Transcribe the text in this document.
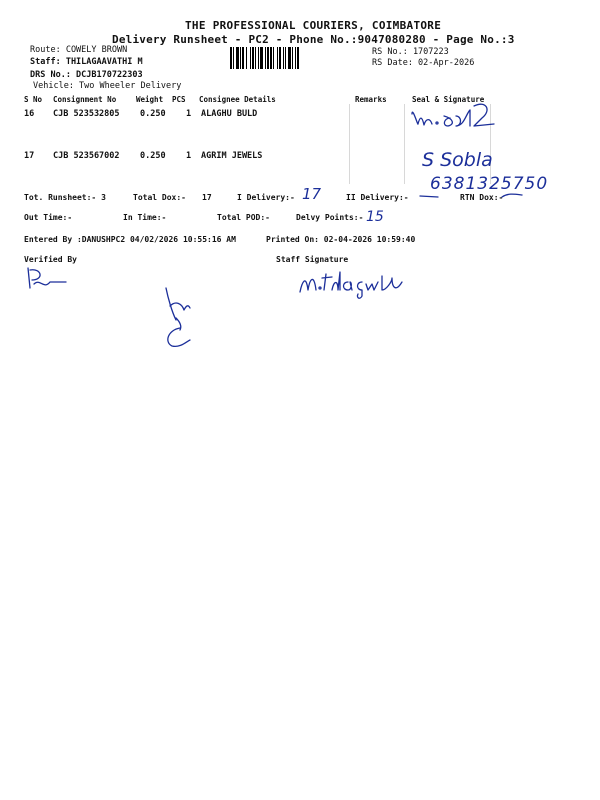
THE PROFESSIONAL COURIERS, COIMBATORE
Delivery Runsheet - PC2 - Phone No.:9047080280 - Page No.:3
Route: COWELY BROWN
Staff: THILAGAAVATHI M
DRS No.: DCJB170722303
Vehicle: Two Wheeler Delivery
RS No.: 1707223
RS Date: 02-Apr-2026
S No Consignment No	Weight PCS Consignee Details	Remarks	Seal & Signature
16 CJB 523532805 0.250 1 ALAGHU BULD
17 CJB 523567002 0.250 1 AGRIM JEWELS	S Sobla
6381325750
Tot. Runsheet:- 3	Total Dox:- 17	I Delivery:- 17	II Delivery:-	RTN Dox:-
Out Time:-	In Time:-	Total POD:-	Delvy Points:- 15
Entered By :DANUSHPC2 04/02/2026 10:55:16 AM	Printed On: 02-04-2026 10:59:40
Verified By	Staff Signature
